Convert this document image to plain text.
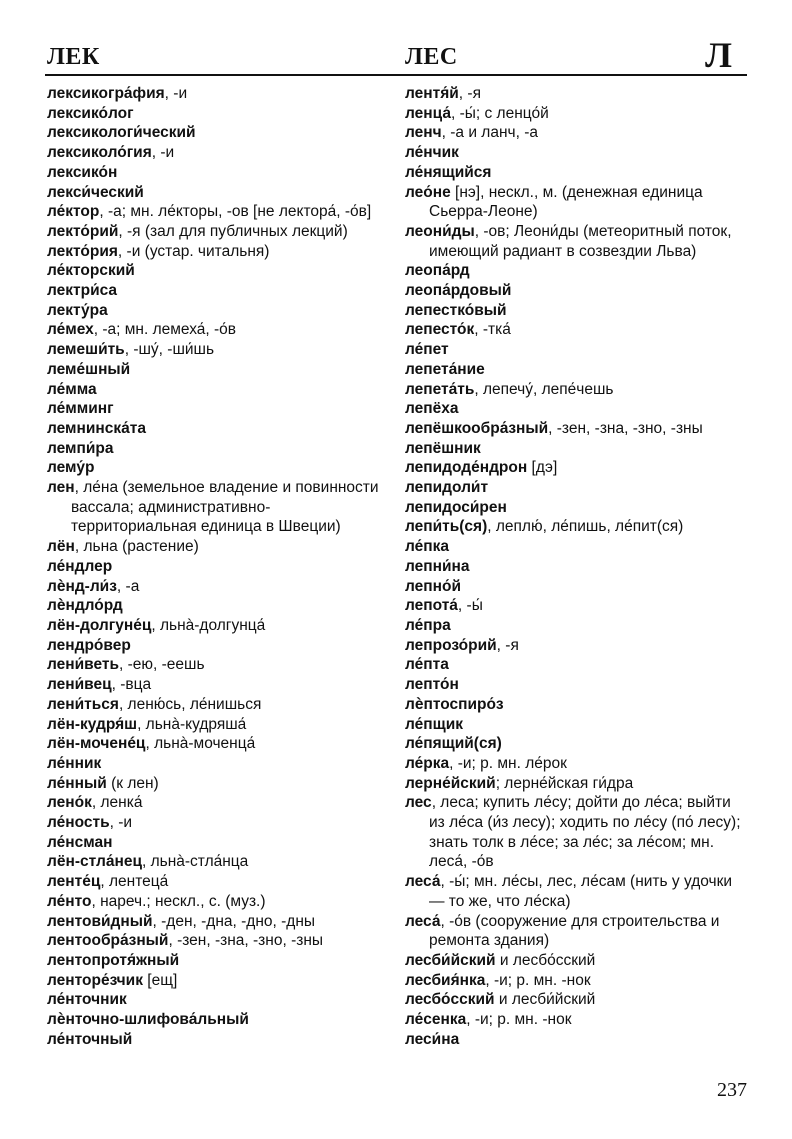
ЛЕК	ЛЕС	Л

лексикогра́фия, -и

лексико́лог

лексикологи́ческий

лексиколо́гия, -и

лексико́н

лекси́ческий

ле́ктор, -а; мн. ле́кторы, -ов [не лектора́, -о́в]

лекто́рий, -я (зал для публичных лекций)

лекто́рия, -и (устар. читальня)

ле́кторский

лектри́са

лекту́ра

ле́мех, -а; мн. лемеха́, -о́в

лемеши́ть, -шу́, -ши́шь

леме́шный

ле́мма

ле́мминг

лемнинска́та

лемпи́ра

лему́р

лен, ле́на (земельное владение и повинности вассала; административно-территориальная единица в Швеции)

лён, льна (растение)

ле́ндлер

лѐнд-ли́з, -а

лѐндло́рд

лён-долгуне́ц, льнà-долгунца́

лендро́вер

лени́веть, -ею, -еешь

лени́вец, -вца

лени́ться, леню́сь, ле́нишься

лён-кудря́ш, льнà-кудряша́

лён-моченéц, льнà-моченца́

ле́нник

ле́нный (к лен)

лено́к, ленка́

ле́ность, -и

ле́нсман

лён-стла́нец, льнà-стла́нца

ленте́ц, лентеца́

ле́нто, нареч.; нескл., с. (муз.)

лентови́дный, -ден, -дна, -дно, -дны

лентообра́зный, -зен, -зна, -зно, -зны

лентопротя́жный

ленторе́зчик [ещ]

ле́нточник

лѐнточно-шлифова́льный

ле́нточный

лентя́й, -я

ленца́, -ы́; с ленцо́й

ленч, -а и ланч, -а

ле́нчик

ле́нящийся

лео́не [нэ], нескл., м. (денежная единица Сьерра-Леоне)

леони́ды, -ов; Леони́ды (метеоритный поток, имеющий радиант в созвездии Льва)

леопа́рд

леопа́рдовый

лепестко́вый

лепесто́к, -тка́

ле́пет

лепета́ние

лепета́ть, лепечу́, лепе́чешь

лепёха

лепёшкообра́зный, -зен, -зна, -зно, -зны

лепёшник

лепидоде́ндрон [дэ]

лепидоли́т

лепидоси́рен

лепи́ть(ся), леплю́, ле́пишь, ле́пит(ся)

ле́пка

лепни́на

лепно́й

лепота́, -ы́

ле́пра

лепрозо́рий, -я

ле́пта

лепто́н

лѐптоспиро́з

ле́пщик

ле́пящий(ся)

ле́рка, -и; р. мн. ле́рок

лерне́йский; лерне́йская ги́дра

лес, леса; купить ле́су; дойти до ле́са; выйти из ле́са (и́з лесу); ходить по ле́су (по́ лесу); знать толк в ле́се; за ле́с; за ле́сом; мн. леса́, -о́в

леса́, -ы́; мн. ле́сы, лес, ле́сам (нить у удочки — то же, что ле́ска)

леса́, -о́в (сооружение для строительства и ремонта здания)

лесби́йский и лесбо́сский

лесбия́нка, -и; р. мн. -нок

лесбо́сский и лесби́йский

ле́сенка, -и; р. мн. -нок

леси́на

237
